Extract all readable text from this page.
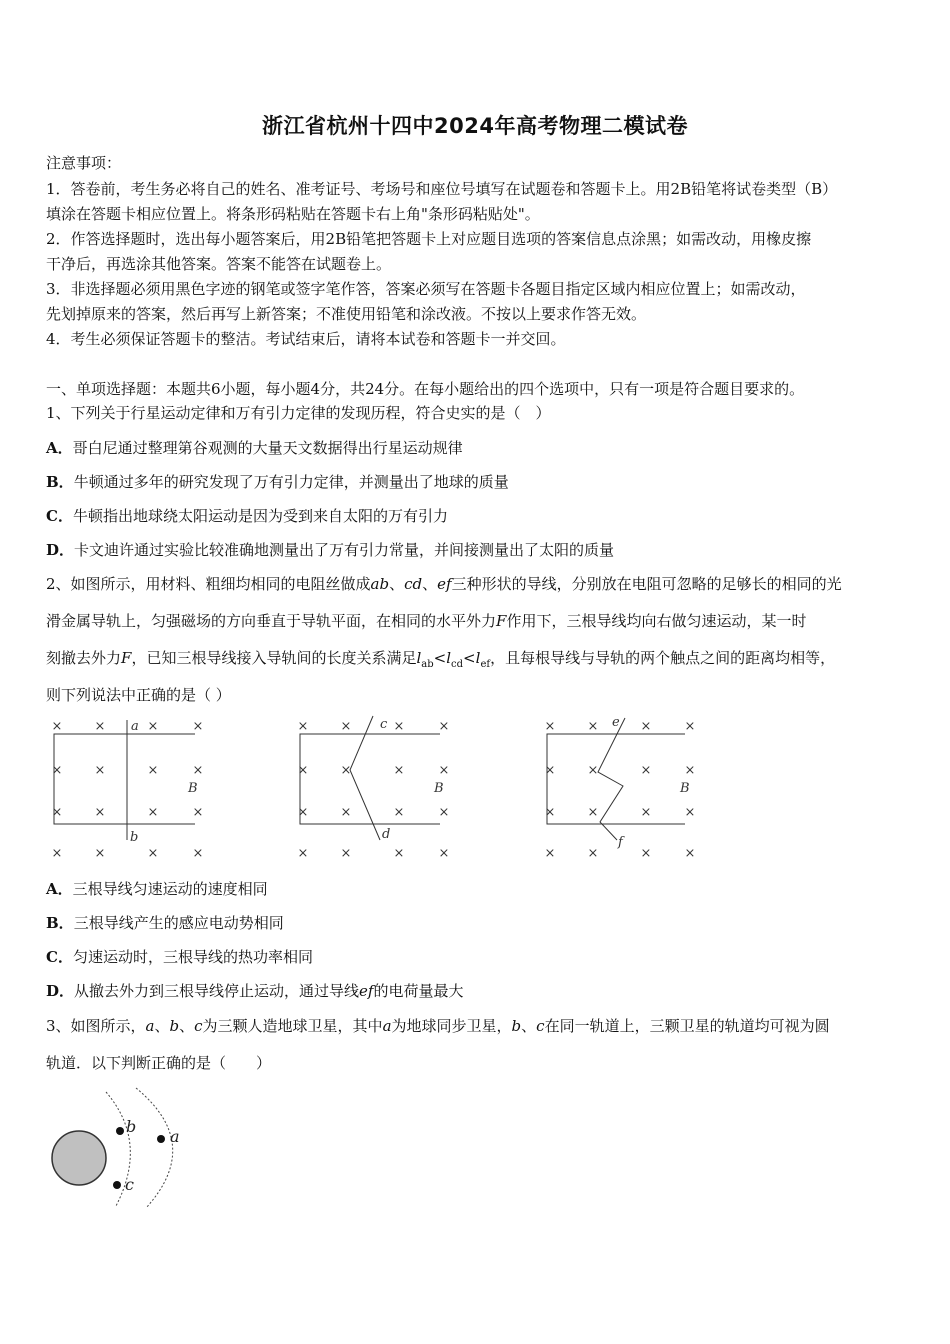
浙江省杭州十四中2024年高考物理二模试卷
注意事项：
1．答卷前，考生务必将自己的姓名、准考证号、考场号和座位号填写在试题卷和答题卡上。用2B铅笔将试卷类型（B）
填涂在答题卡相应位置上。将条形码粘贴在答题卡右上角"条形码粘贴处"。
2．作答选择题时，选出每小题答案后，用2B铅笔把答题卡上对应题目选项的答案信息点涂黑；如需改动，用橡皮擦
干净后，再选涂其他答案。答案不能答在试题卷上。
3．非选择题必须用黑色字迹的钢笔或签字笔作答，答案必须写在答题卡各题目指定区域内相应位置上；如需改动，
先划掉原来的答案，然后再写上新答案；不准使用铅笔和涂改液。不按以上要求作答无效。
4．考生必须保证答题卡的整洁。考试结束后，请将本试卷和答题卡一并交回。
一、单项选择题：本题共6小题，每小题4分，共24分。在每小题给出的四个选项中，只有一项是符合题目要求的。
1、下列关于行星运动定律和万有引力定律的发现历程，符合史实的是（　）
A．哥白尼通过整理第谷观测的大量天文数据得出行星运动规律
B．牛顿通过多年的研究发现了万有引力定律，并测量出了地球的质量
C．牛顿指出地球绕太阳运动是因为受到来自太阳的万有引力
D．卡文迪许通过实验比较准确地测量出了万有引力常量，并间接测量出了太阳的质量
2、如图所示，用材料、粗细均相同的电阻丝做成ab、cd、ef三种形状的导线，分别放在电阻可忽略的足够长的相同的光
滑金属导轨上，匀强磁场的方向垂直于导轨平面，在相同的水平外力F作用下，三根导线均向右做匀速运动，某一时
刻撤去外力F，已知三根导线接入导轨间的长度关系满足$l_{ab}<l_{cd}<l_{ef}$，且每根导线与导轨的两个触点之间的距离均相等，
则下列说法中正确的是（ ）
× ×	×	×
× ×	×	×
× ×	×	×
× ×	×	×
× ×	×	×
× ×	×	×
× ×	×	×
× ×	×	×
× ×	×	×
× ×	×	×
× ×	×	×
× ×	×	×
a
b
B
c
d
B
e
f
B
A．三根导线匀速运动的速度相同
B．三根导线产生的感应电动势相同
C．匀速运动时，三根导线的热功率相同
D．从撤去外力到三根导线停止运动，通过导线ef的电荷量最大
3、如图所示，a、b、c为三颗人造地球卫星，其中a为地球同步卫星，b、c在同一轨道上，三颗卫星的轨道均可视为圆
轨道．以下判断正确的是（　　）
b
c
a
